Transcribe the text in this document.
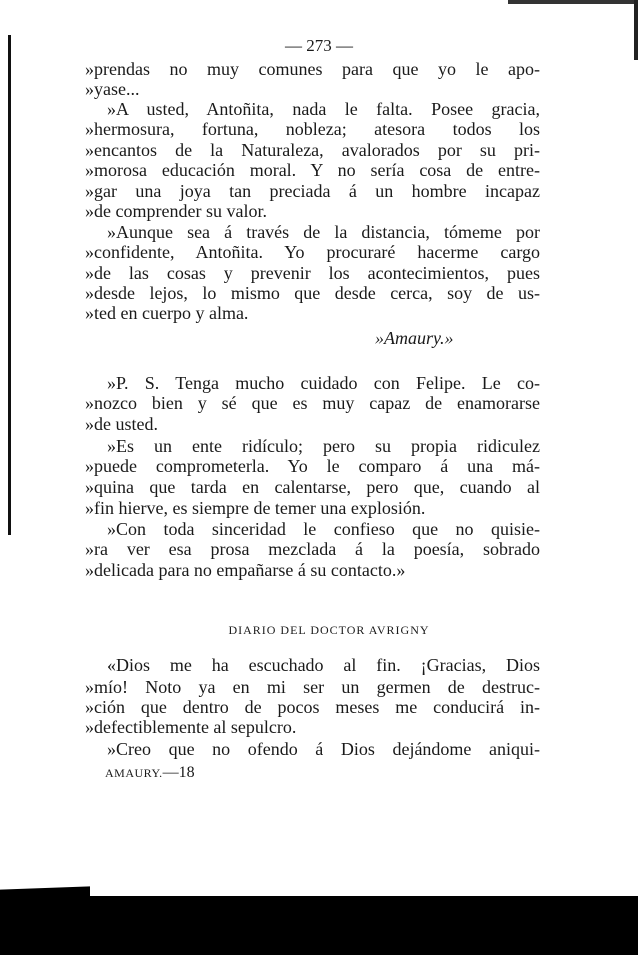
— 273 —
»prendas no muy comunes para que yo le apo-
»yase...
»A usted, Antoñita, nada le falta. Posee gracia,
»hermosura, fortuna, nobleza; atesora todos los
»encantos de la Naturaleza, avalorados por su pri-
»morosa educación moral. Y no sería cosa de entre-
»gar una joya tan preciada á un hombre incapaz
»de comprender su valor.
»Aunque sea á través de la distancia, tómeme por
»confidente, Antoñita. Yo procuraré hacerme cargo
»de las cosas y prevenir los acontecimientos, pues
»desde lejos, lo mismo que desde cerca, soy de us-
»ted en cuerpo y alma.
»Amaury.»
»P. S. Tenga mucho cuidado con Felipe. Le co-
»nozco bien y sé que es muy capaz de enamorarse
»de usted.
»Es un ente ridículo; pero su propia ridiculez
»puede comprometerla. Yo le comparo á una má-
»quina que tarda en calentarse, pero que, cuando al
»fin hierve, es siempre de temer una explosión.
»Con toda sinceridad le confieso que no quisie-
»ra ver esa prosa mezclada á la poesía, sobrado
»delicada para no empañarse á su contacto.»
DIARIO DEL DOCTOR AVRIGNY
«Dios me ha escuchado al fin. ¡Gracias, Dios
»mío! Noto ya en mi ser un germen de destruc-
»ción que dentro de pocos meses me conducirá in-
»defectiblemente al sepulcro.
»Creo que no ofendo á Dios dejándome aniqui-
AMAURY.—18
